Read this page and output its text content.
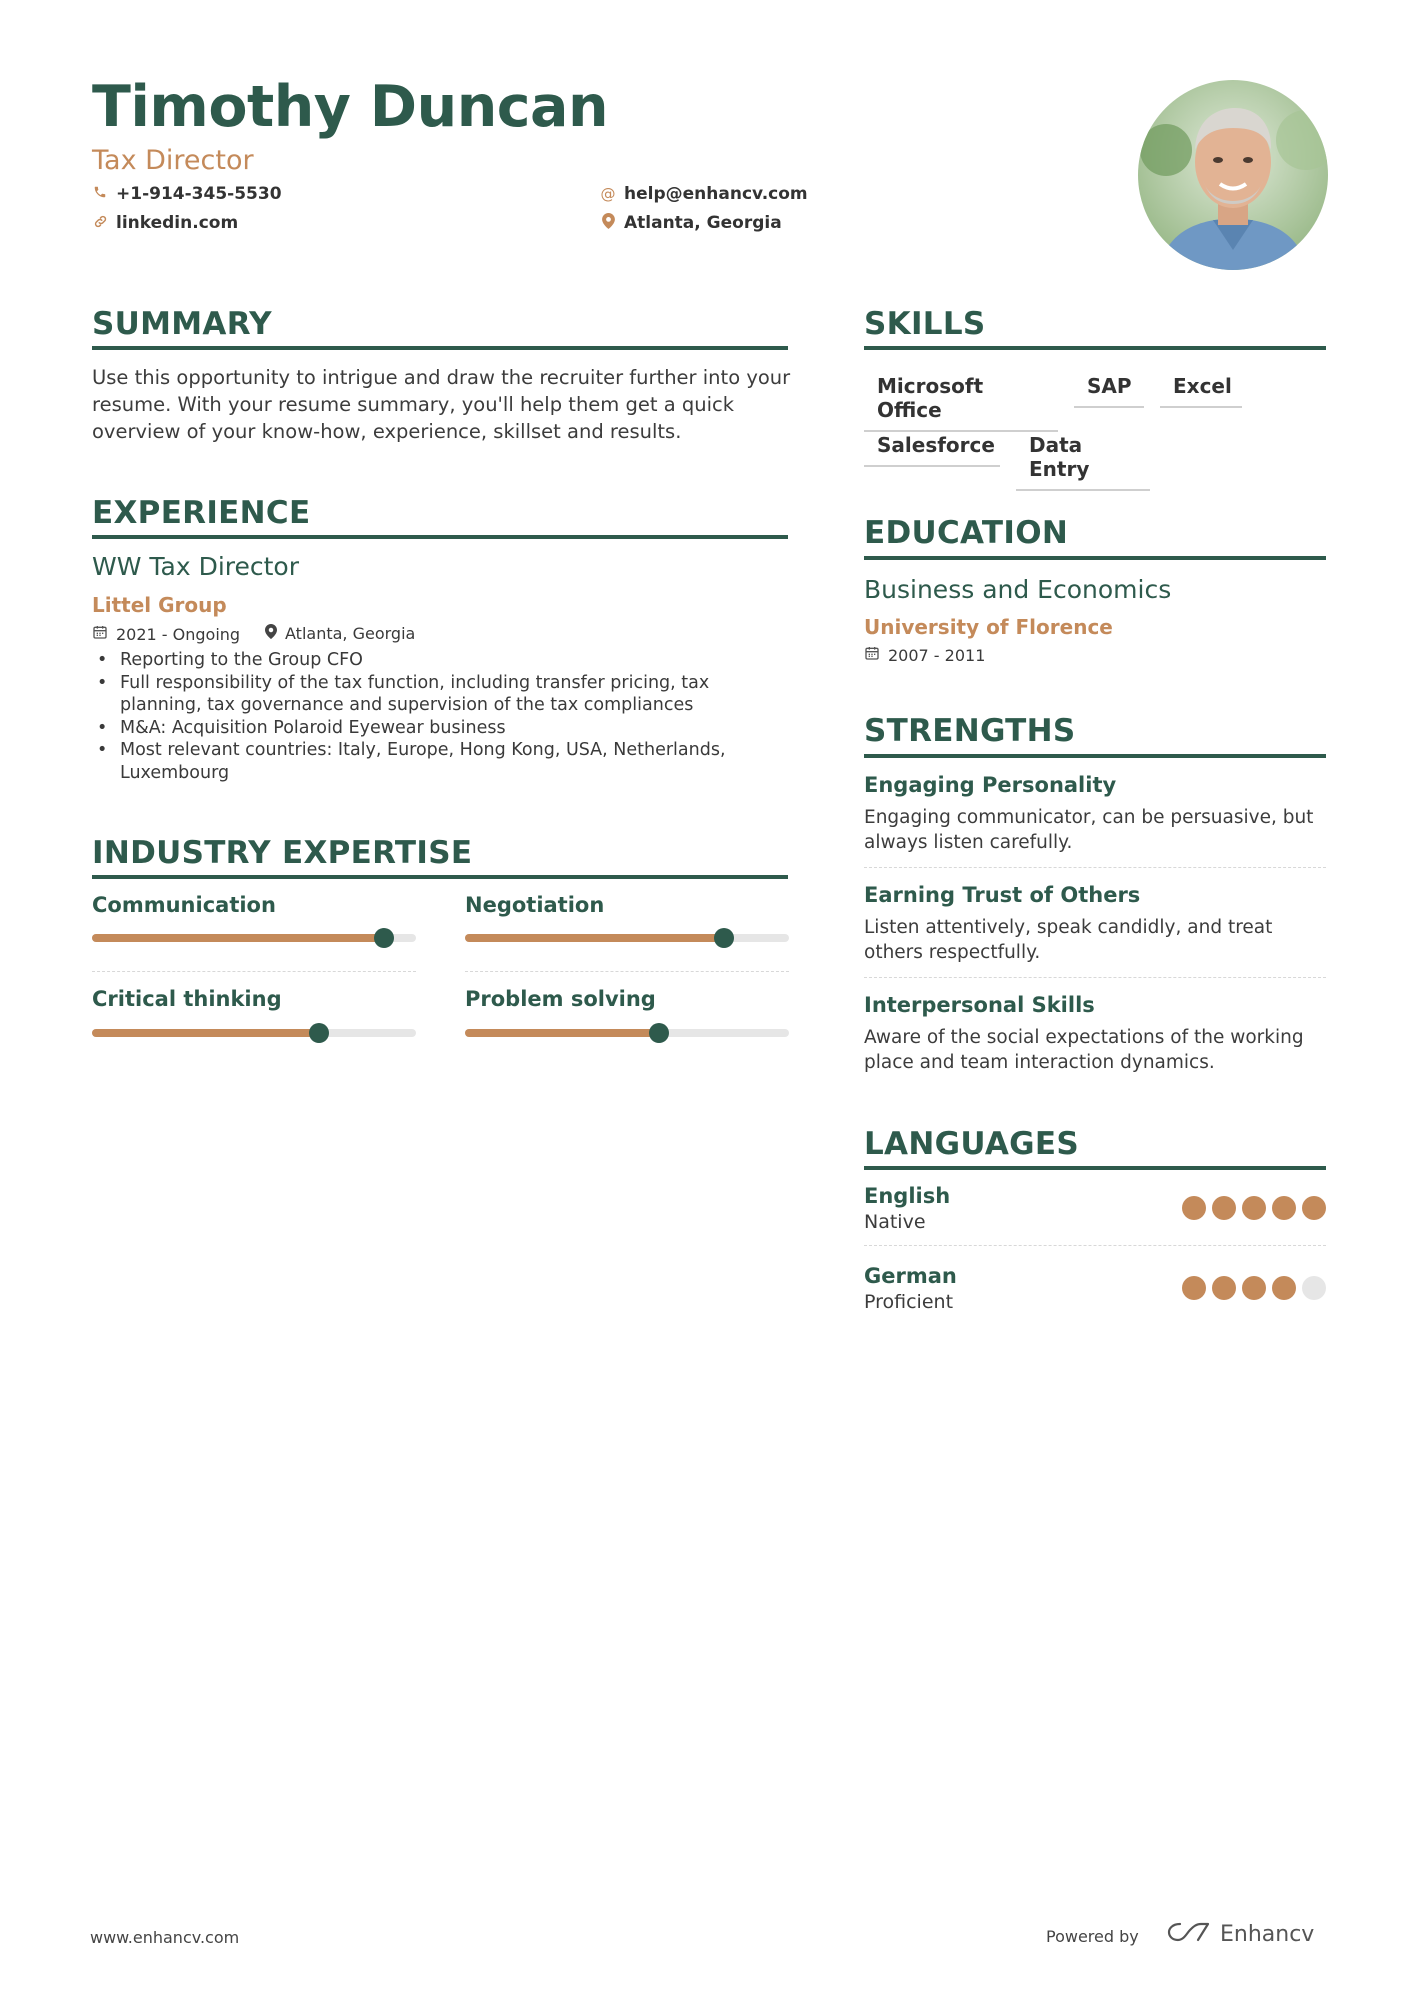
Timothy Duncan
Tax Director
+1-914-345-5530	@ help@enhancv.com
linkedin.com	Atlanta, Georgia
SUMMARY
Use this opportunity to intrigue and draw the recruiter further into your resume. With your resume summary, you'll help them get a quick overview of your know-how, experience, skillset and results.
EXPERIENCE
WW Tax Director
Littel Group
2021 - Ongoing	Atlanta, Georgia
• Reporting to the Group CFO
• Full responsibility of the tax function, including transfer pricing, tax planning, tax governance and supervision of the tax compliances
• M&A: Acquisition Polaroid Eyewear business
• Most relevant countries: Italy, Europe, Hong Kong, USA, Netherlands, Luxembourg
INDUSTRY EXPERTISE
Communication	Negotiation
Critical thinking	Problem solving
SKILLS
Microsoft Office
SAP	Excel
Salesforce	Data Entry
EDUCATION
Business and Economics
University of Florence
2007 - 2011
STRENGTHS
Engaging Personality
Engaging communicator, can be persuasive, but always listen carefully.
Earning Trust of Others
Listen attentively, speak candidly, and treat others respectfully.
Interpersonal Skills
Aware of the social expectations of the working place and team interaction dynamics.
LANGUAGES
English
Native
German
Proficient
www.enhancv.com	Powered by	Enhancv
